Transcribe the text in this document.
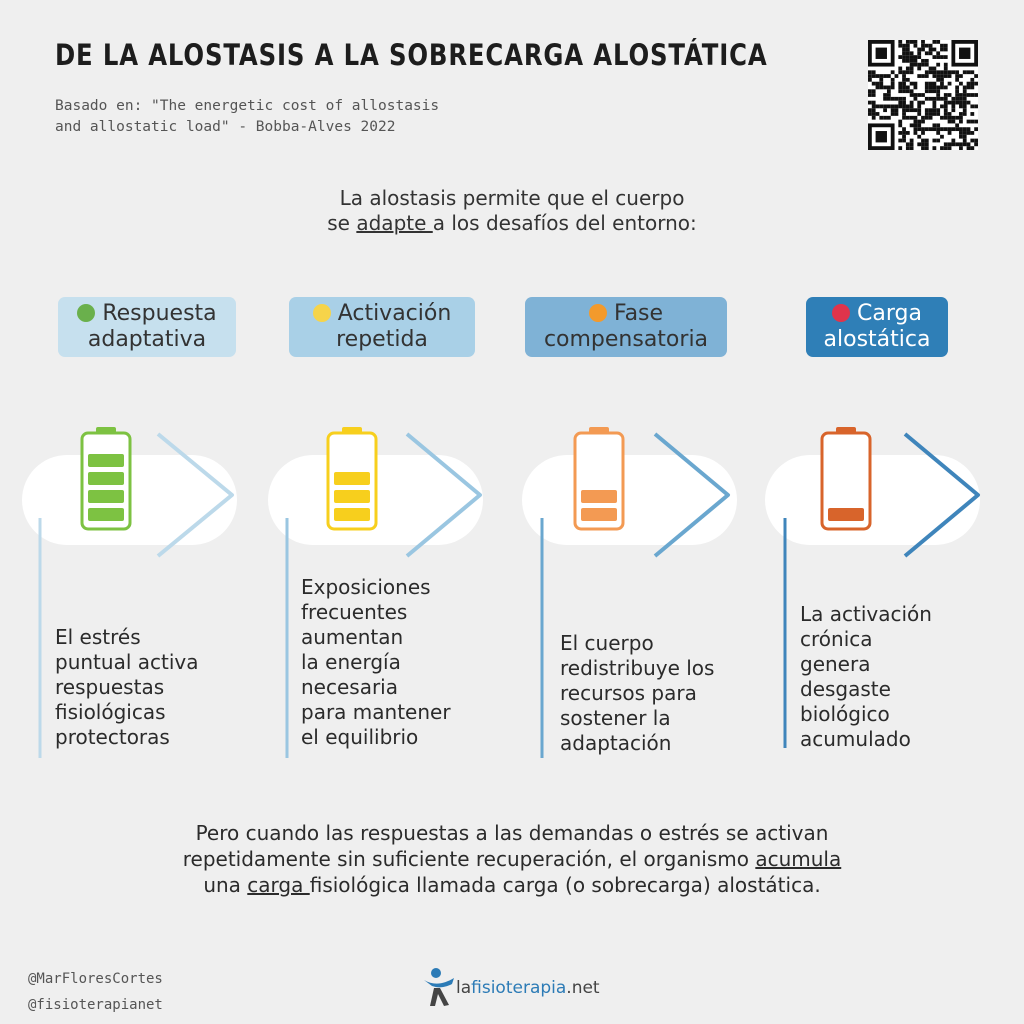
DE LA ALOSTASIS A LA SOBRECARGA ALOSTÁTICA
Basado en: "The energetic cost of allostasis
and allostatic load" - Bobba-Alves 2022
La alostasis permite que el cuerpo
se adapte a los desafíos del entorno:
Respuesta
adaptativa
Activación
repetida
Fase
compensatoria
Carga
alostática
El estrés
puntual activa
respuestas
fisiológicas
protectoras
Exposiciones
frecuentes
aumentan
la energía
necesaria
para mantener
el equilibrio
El cuerpo
redistribuye los
recursos para
sostener la
adaptación
La activación
crónica
genera
desgaste
biológico
acumulado
Pero cuando las respuestas a las demandas o estrés se activan
repetidamente sin suficiente recuperación, el organismo acumula
una carga fisiológica llamada carga (o sobrecarga) alostática.
@MarFloresCortes
@fisioterapianet
lafisioterapia.net
